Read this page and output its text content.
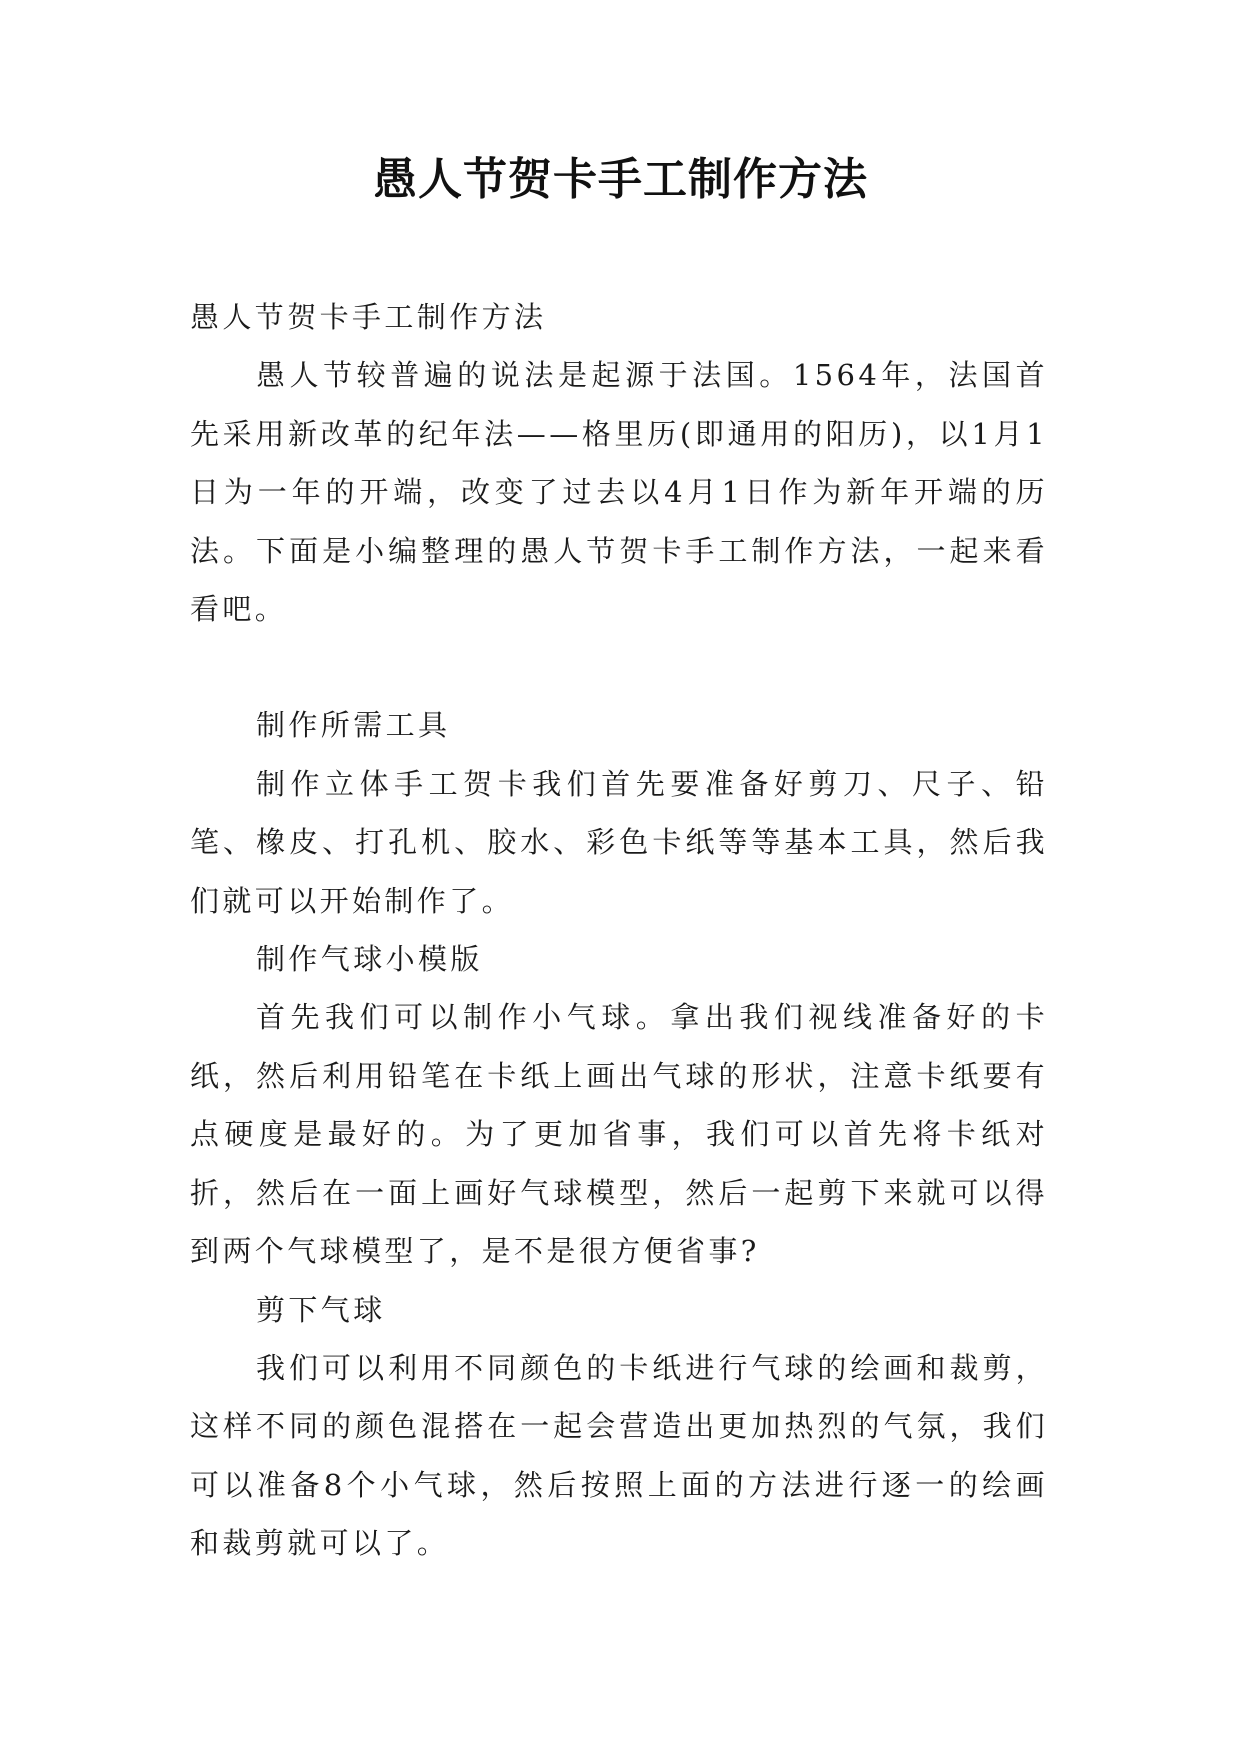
愚人节贺卡手工制作方法

愚人节贺卡手工制作方法

愚人节较普遍的说法是起源于法国。1564年，法国首先采用新改革的纪年法——格里历(即通用的阳历)，以1月1日为一年的开端，改变了过去以4月1日作为新年开端的历法。下面是小编整理的愚人节贺卡手工制作方法，一起来看看吧。

制作所需工具

制作立体手工贺卡我们首先要准备好剪刀、尺子、铅笔、橡皮、打孔机、胶水、彩色卡纸等等基本工具，然后我们就可以开始制作了。

制作气球小模版

首先我们可以制作小气球。拿出我们视线准备好的卡纸，然后利用铅笔在卡纸上画出气球的形状，注意卡纸要有点硬度是最好的。为了更加省事，我们可以首先将卡纸对折，然后在一面上画好气球模型，然后一起剪下来就可以得到两个气球模型了，是不是很方便省事?

剪下气球

我们可以利用不同颜色的卡纸进行气球的绘画和裁剪，这样不同的颜色混搭在一起会营造出更加热烈的气氛，我们可以准备8个小气球，然后按照上面的方法进行逐一的绘画和裁剪就可以了。
